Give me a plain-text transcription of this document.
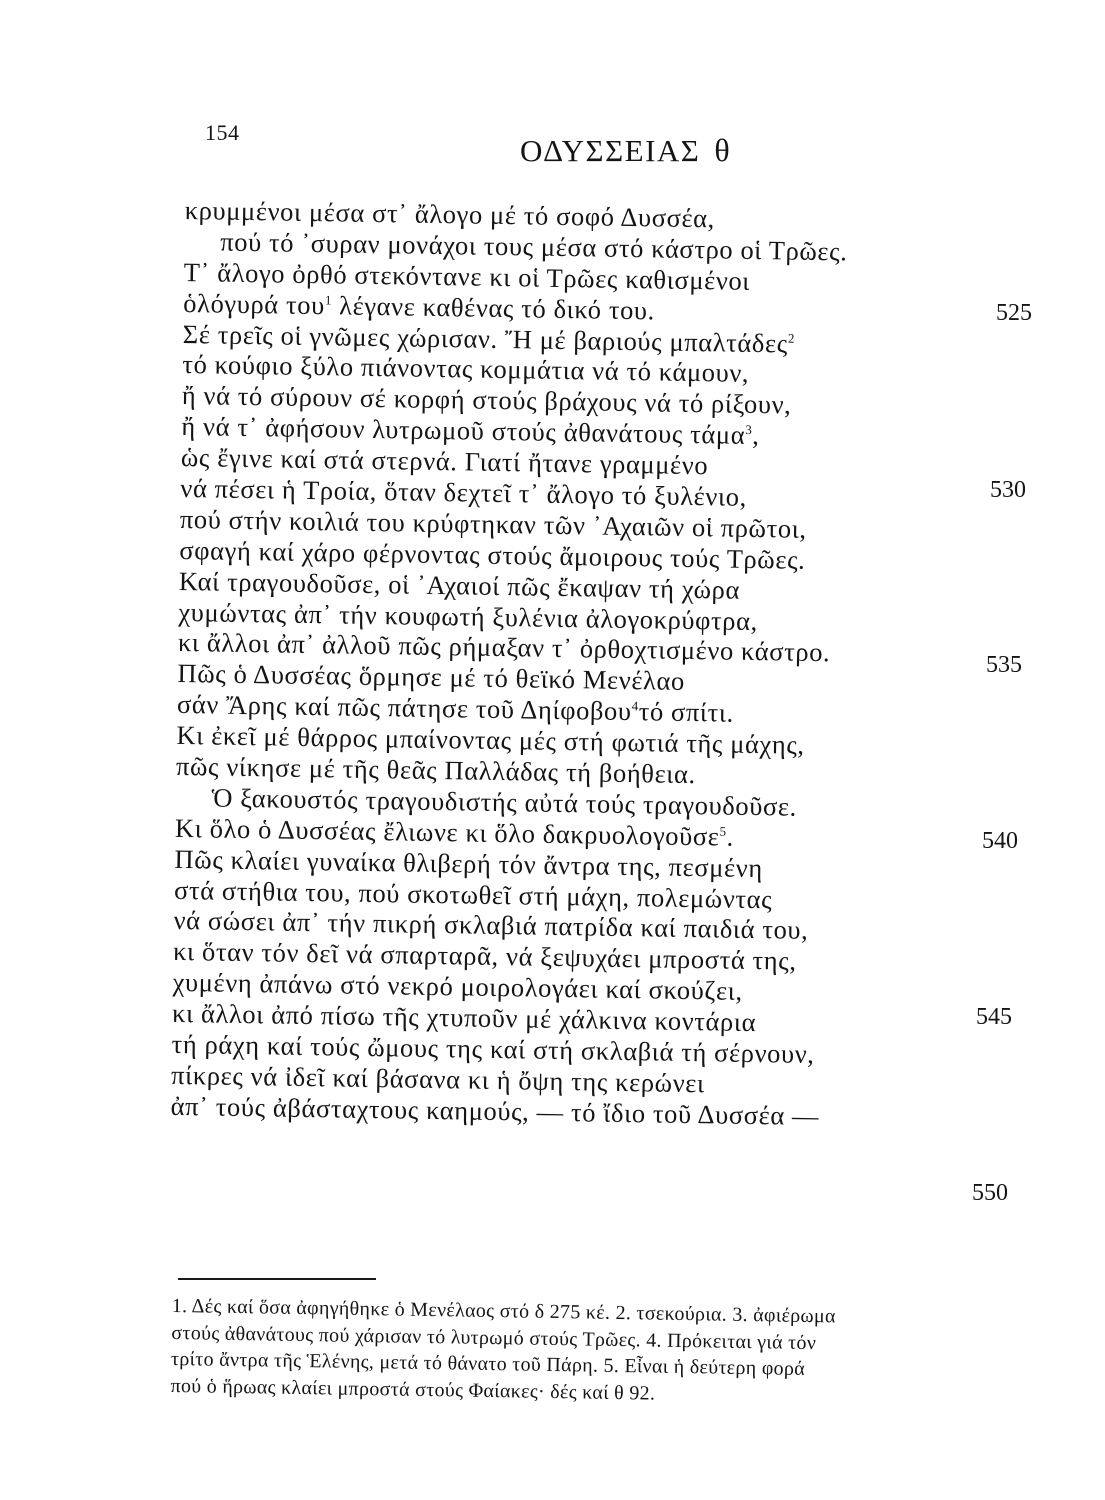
154
ΟΔΥΣΣΕΙΑΣ θ
κρυμμένοι μέσα στ᾿ ἄλογο μέ τό σοφό Δυσσέα,
πού τό ᾿συραν μονάχοι τους μέσα στό κάστρο οἱ Τρῶες.
Τ᾿ ἄλογο ὀρθό στεκόντανε κι οἱ Τρῶες καθισμένοι
ὁλόγυρά του$^1$ λέγανε καθένας τό δικό του.
Σέ τρεῖς οἱ γνῶμες χώρισαν. Ἤ μέ βαριούς μπαλτάδες$^2$
τό κούφιο ξύλο πιάνοντας κομμάτια νά τό κάμουν,
ἤ νά τό σύρουν σέ κορφή στούς βράχους νά τό ρίξουν,
ἤ νά τ᾿ ἀφήσουν λυτρωμοῦ στούς ἀθανάτους τάμα$^3$,
ὡς ἔγινε καί στά στερνά. Γιατί ἤτανε γραμμένο
νά πέσει ἡ Τροία, ὅταν δεχτεῖ τ᾿ ἄλογο τό ξυλένιο,
πού στήν κοιλιά του κρύφτηκαν τῶν ᾿Αχαιῶν οἱ πρῶτοι,
σφαγή καί χάρο φέρνοντας στούς ἄμοιρους τούς Τρῶες.
Καί τραγουδοῦσε, οἱ ᾿Αχαιοί πῶς ἔκαψαν τή χώρα
χυμώντας ἀπ᾿ τήν κουφωτή ξυλένια ἀλογοκρύφτρα,
κι ἄλλοι ἀπ᾿ ἀλλοῦ πῶς ρήμαξαν τ᾿ ὀρθοχτισμένο κάστρο.
Πῶς ὁ Δυσσέας ὅρμησε μέ τό θεϊκό Μενέλαο
σάν Ἄρης καί πῶς πάτησε τοῦ Δηίφοβου$^4$τό σπίτι.
Κι ἐκεῖ μέ θάρρος μπαίνοντας μές στή φωτιά τῆς μάχης,
πῶς νίκησε μέ τῆς θεᾶς Παλλάδας τή βοήθεια.
Ὁ ξακουστός τραγουδιστής αὐτά τούς τραγουδοῦσε.
Κι ὅλο ὁ Δυσσέας ἔλιωνε κι ὅλο δακρυολογοῦσε$^5$.
Πῶς κλαίει γυναίκα θλιβερή τόν ἄντρα της, πεσμένη
στά στήθια του, πού σκοτωθεῖ στή μάχη, πολεμώντας
νά σώσει ἀπ᾿ τήν πικρή σκλαβιά πατρίδα καί παιδιά του,
κι ὅταν τόν δεῖ νά σπαρταρᾶ, νά ξεψυχάει μπροστά της,
χυμένη ἀπάνω στό νεκρό μοιρολογάει καί σκούζει,
κι ἄλλοι ἀπό πίσω τῆς χτυποῦν μέ χάλκινα κοντάρια
τή ράχη καί τούς ὤμους της καί στή σκλαβιά τή σέρνουν,
πίκρες νά ἰδεῖ καί βάσανα κι ἡ ὄψη της κερώνει
ἀπ᾿ τούς ἀβάσταχτους καημούς, — τό ἴδιο τοῦ Δυσσέα —
525
530
535
540
545
550
1. Δές καί ὅσα ἀφηγήθηκε ὁ Μενέλαος στό δ 275 κέ. 2. τσεκούρια. 3. ἀφιέρωμα
στούς ἀθανάτους πού χάρισαν τό λυτρωμό στούς Τρῶες. 4. Πρόκειται γιά τόν
τρίτο ἄντρα τῆς Ἑλένης, μετά τό θάνατο τοῦ Πάρη. 5. Εἶναι ἡ δεύτερη φορά
πού ὁ ἥρωας κλαίει μπροστά στούς Φαίακες· δές καί θ 92.
